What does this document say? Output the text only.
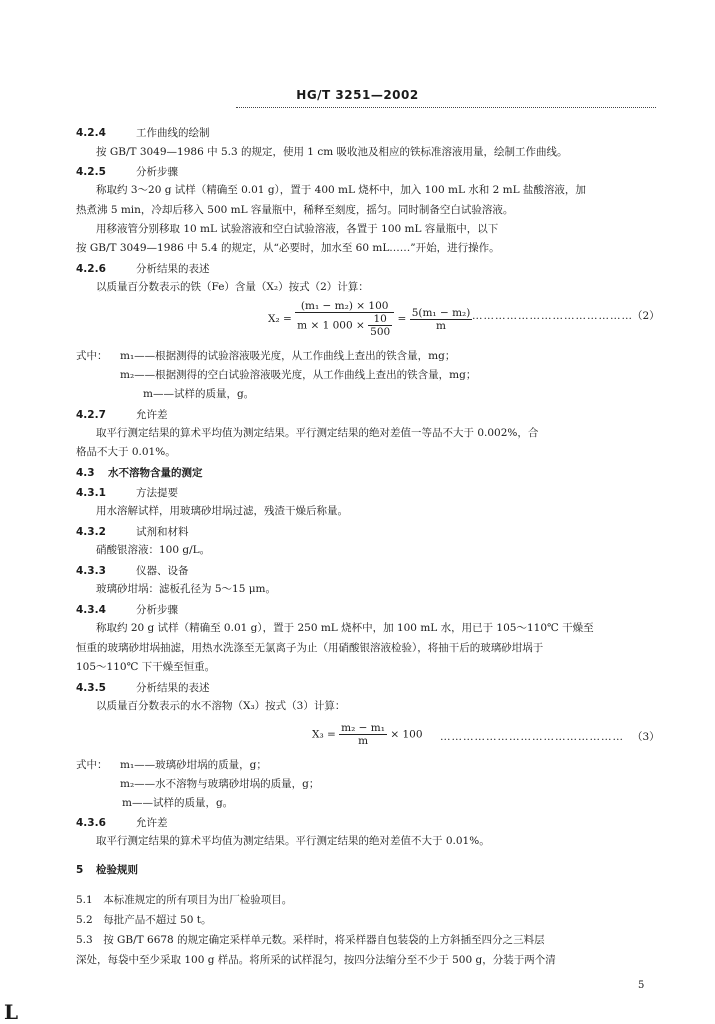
HG/T 3251—2002
4.2.4	工作曲线的绘制
按 GB/T 3049—1986 中 5.3 的规定，使用 1 cm 吸收池及相应的铁标准溶液用量，绘制工作曲线。
4.2.5	分析步骤
称取约 3～20 g 试样（精确至 0.01 g），置于 400 mL 烧杯中，加入 100 mL 水和 2 mL 盐酸溶液，加
热煮沸 5 min，冷却后移入 500 mL 容量瓶中，稀释至刻度，摇匀。同时制备空白试验溶液。
用移液管分别移取 10 mL 试验溶液和空白试验溶液，各置于 100 mL 容量瓶中，以下
按 GB/T 3049—1986 中 5.4 的规定，从“必要时，加水至 60 mL……”开始，进行操作。
4.2.6	分析结果的表述
以质量百分数表示的铁（Fe）含量（X₂）按式（2）计算：
$X_2 = \frac{\text{(m₁ − m₂) × 100}}{m \times 1 000 \times \frac{10}{500}} = \frac{\text{5(m₁ − m₂)}}{m}$ …………………………………… （2）
式中： m₁——根据测得的试验溶液吸光度，从工作曲线上查出的铁含量，mg；
m₂——根据测得的空白试验溶液吸光度，从工作曲线上查出的铁含量，mg；
m——试样的质量，g。
4.2.7	允许差
取平行测定结果的算术平均值为测定结果。平行测定结果的绝对差值一等品不大于 0.002%，合
格品不大于 0.01%。
4.3 水不溶物含量的测定
4.3.1	方法提要
用水溶解试样，用玻璃砂坩埚过滤，残渣干燥后称量。
4.3.2	试剂和材料
硝酸银溶液：100 g/L。
4.3.3	仪器、设备
玻璃砂坩埚：滤板孔径为 5～15 μm。
4.3.4	分析步骤
称取约 20 g 试样（精确至 0.01 g），置于 250 mL 烧杯中，加 100 mL 水，用已于 105～110℃ 干燥至
恒重的玻璃砂坩埚抽滤，用热水洗涤至无氯离子为止（用硝酸银溶液检验），将抽干后的玻璃砂坩埚于
105～110℃ 下干燥至恒重。
4.3.5	分析结果的表述
以质量百分数表示的水不溶物（X₃）按式（3）计算：
$X_3 = \frac{\text{m₂ − m₁}}{m} \times 100$ ………………………………………… （3）
式中： m₁——玻璃砂坩埚的质量，g；
m₂——水不溶物与玻璃砂坩埚的质量，g；
m——试样的质量，g。
4.3.6	允许差
取平行测定结果的算术平均值为测定结果。平行测定结果的绝对差值不大于 0.01%。
5 检验规则
5.1　本标准规定的所有项目为出厂检验项目。
5.2　每批产品不超过 50 t。
5.3　按 GB/T 6678 的规定确定采样单元数。采样时，将采样器自包装袋的上方斜插至四分之三料层
深处，每袋中至少采取 100 g 样品。将所采的试样混匀，按四分法缩分至不少于 500 g，分装于两个清
5
L
